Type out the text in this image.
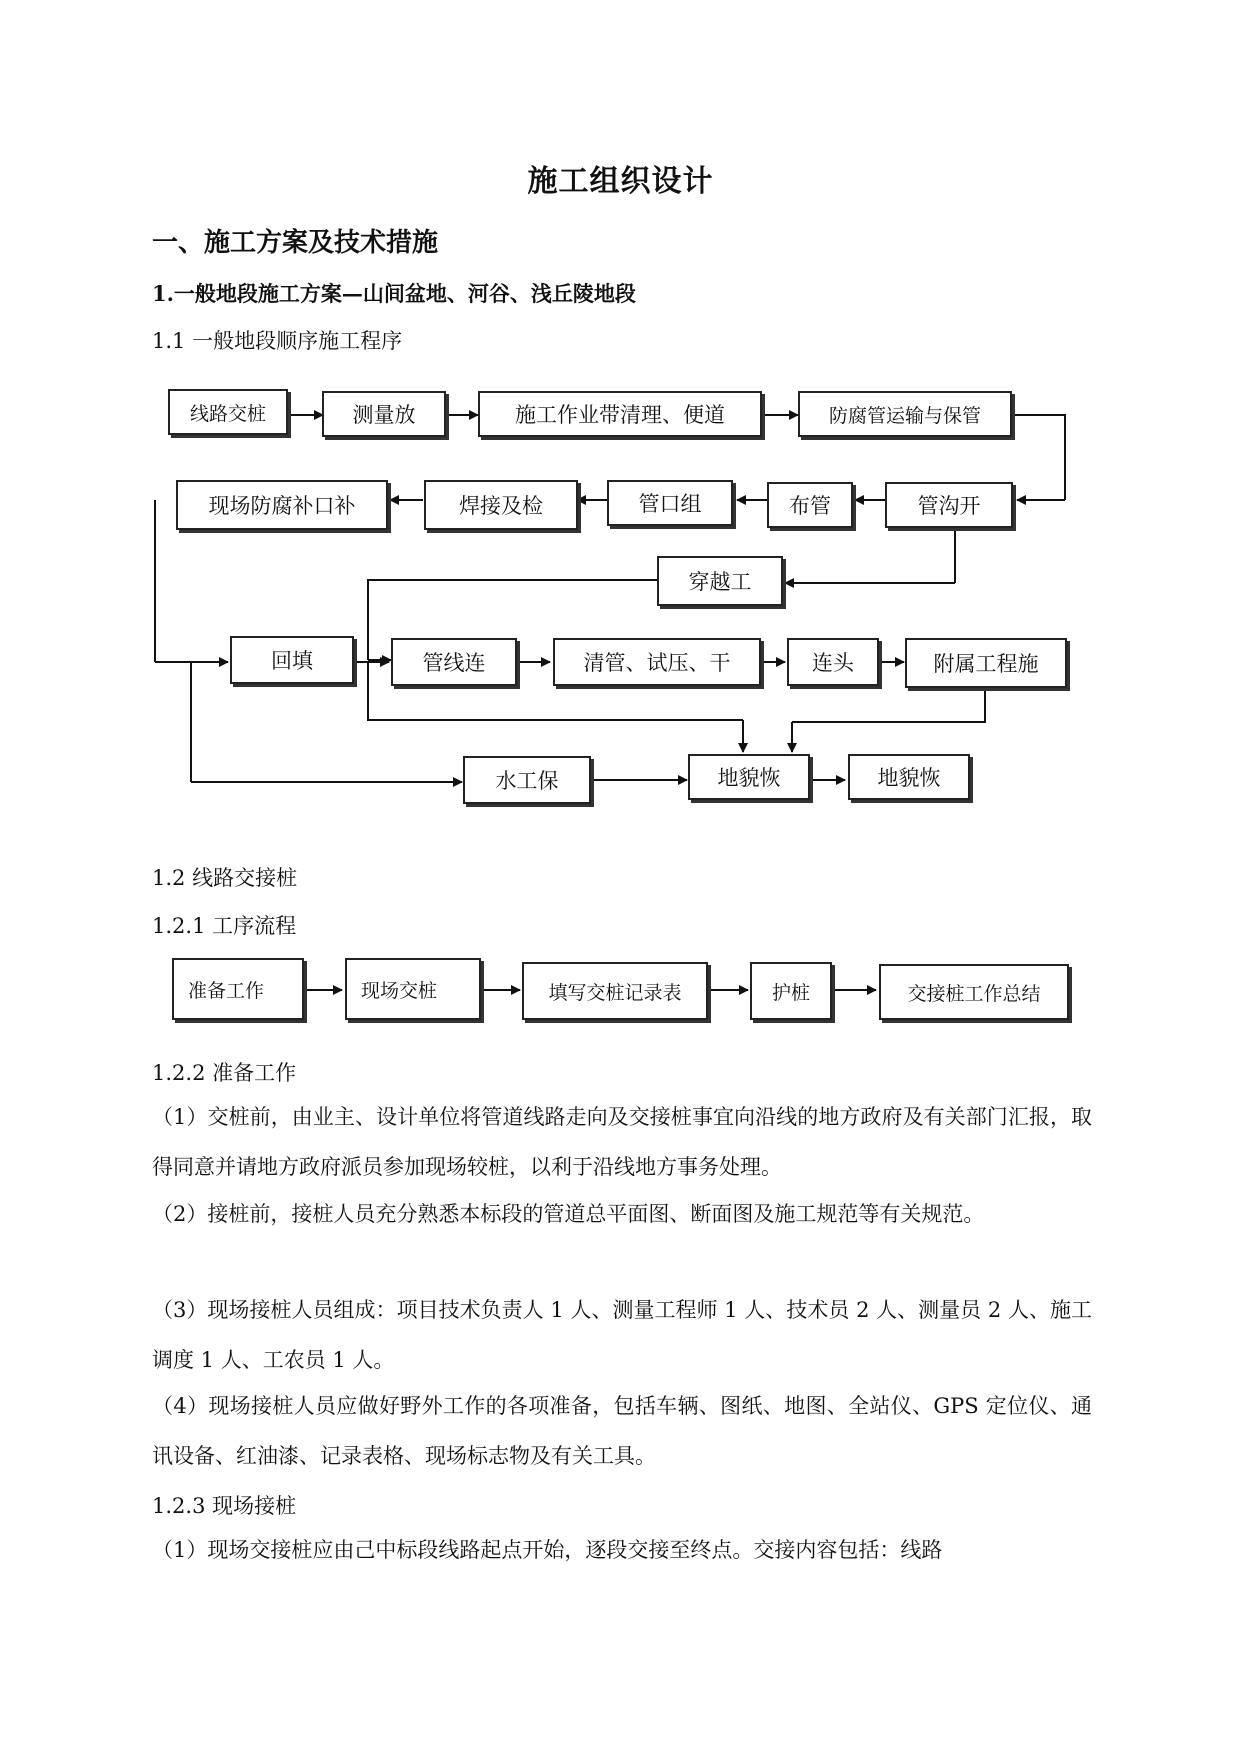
施工组织设计
一、施工方案及技术措施
1.一般地段施工方案—山间盆地、河谷、浅丘陵地段
1.1 一般地段顺序施工程序
线路交桩	测量放	施工作业带清理、便道	防腐管运输与保管
管沟开
布管
管口组
焊接及检
现场防腐补口补
穿越工
回填	管线连	清管、试压、干	连头	附属工程施
水工保	地貌恢	地貌恢
1.2 线路交接桩
1.2.1 工序流程
准备工作	现场交桩	填写交桩记录表	护桩	交接桩工作总结
1.2.2 准备工作
（1）交桩前，由业主、设计单位将管道线路走向及交接桩事宜向沿线的地方政府及有关部门汇报，取得同意并请地方政府派员参加现场较桩，以利于沿线地方事务处理。
（2）接桩前，接桩人员充分熟悉本标段的管道总平面图、断面图及施工规范等有关规范。
（3）现场接桩人员组成：项目技术负责人 1 人、测量工程师 1 人、技术员 2 人、测量员 2 人、施工调度 1 人、工农员 1 人。
（4）现场接桩人员应做好野外工作的各项准备，包括车辆、图纸、地图、全站仪、GPS 定位仪、通讯设备、红油漆、记录表格、现场标志物及有关工具。
1.2.3 现场接桩
（1）现场交接桩应由己中标段线路起点开始，逐段交接至终点。交接内容包括：线路
